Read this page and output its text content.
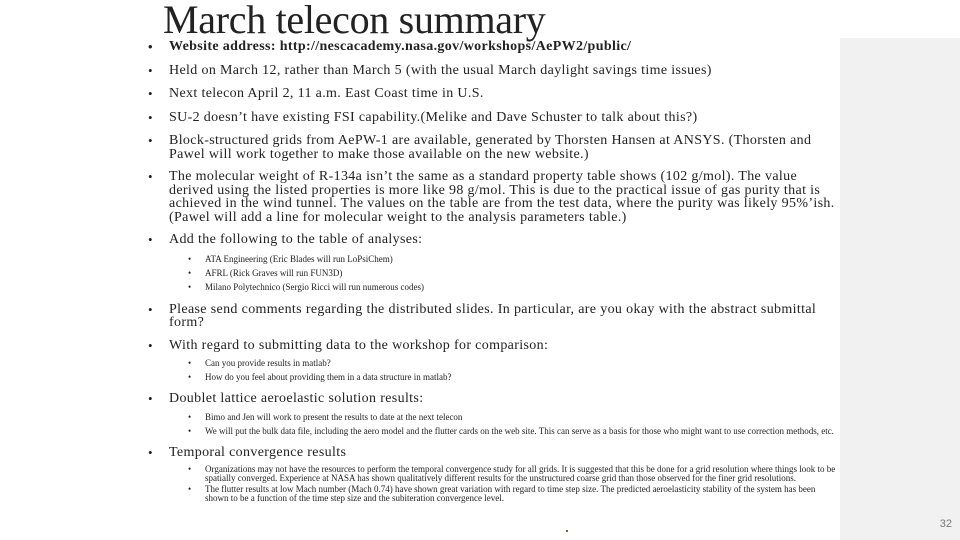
• Website address: http://nescacademy.nasa.gov/workshops/AePW2/public/
• Held on March 12, rather than March 5 (with the usual March daylight savings time issues)
• Next telecon April 2, 11 a.m. East Coast time in U.S.
• SU-2 doesn’t have existing FSI capability.(Melike and Dave Schuster to talk about this?)
• Block-structured grids from AePW-1 are available, generated by Thorsten Hansen at ANSYS. (Thorsten and Pawel will work together to make those available on the new website.)
• The molecular weight of R-134a isn’t the same as a standard property table shows (102 g/mol). The value derived using the listed properties is more like 98 g/mol. This is due to the practical issue of gas purity that is achieved in the wind tunnel. The values on the table are from the test data, where the purity was likely 95%’ish. (Pawel will add a line for molecular weight to the analysis parameters table.)
• Add the following to the table of analyses:
• ATA Engineering (Eric Blades will run LoPsiChem)
• AFRL (Rick Graves will run FUN3D)
• Milano Polytechnico (Sergio Ricci will run numerous codes)
• Please send comments regarding the distributed slides. In particular, are you okay with the abstract submittal form?
• With regard to submitting data to the workshop for comparison:
• Can you provide results in matlab?
• How do you feel about providing them in a data structure in matlab?
• Doublet lattice aeroelastic solution results:
• Bimo and Jen will work to present the results to date at the next telecon
• We will put the bulk data file, including the aero model and the flutter cards on the web site. This can serve as a basis for those who might want to use correction methods, etc.
• Temporal convergence results
• Organizations may not have the resources to perform the temporal convergence study for all grids. It is suggested that this be done for a grid resolution where things look to be spatially converged. Experience at NASA has shown qualitatively different results for the unstructured coarse grid than those observed for the finer grid resolutions.
• The flutter results at low Mach number (Mach 0.74) have shown great variation with regard to time step size. The predicted aeroelasticity stability of the system has been shown to be a function of the time step size and the subiteration convergence level.
March telecon summary
32
